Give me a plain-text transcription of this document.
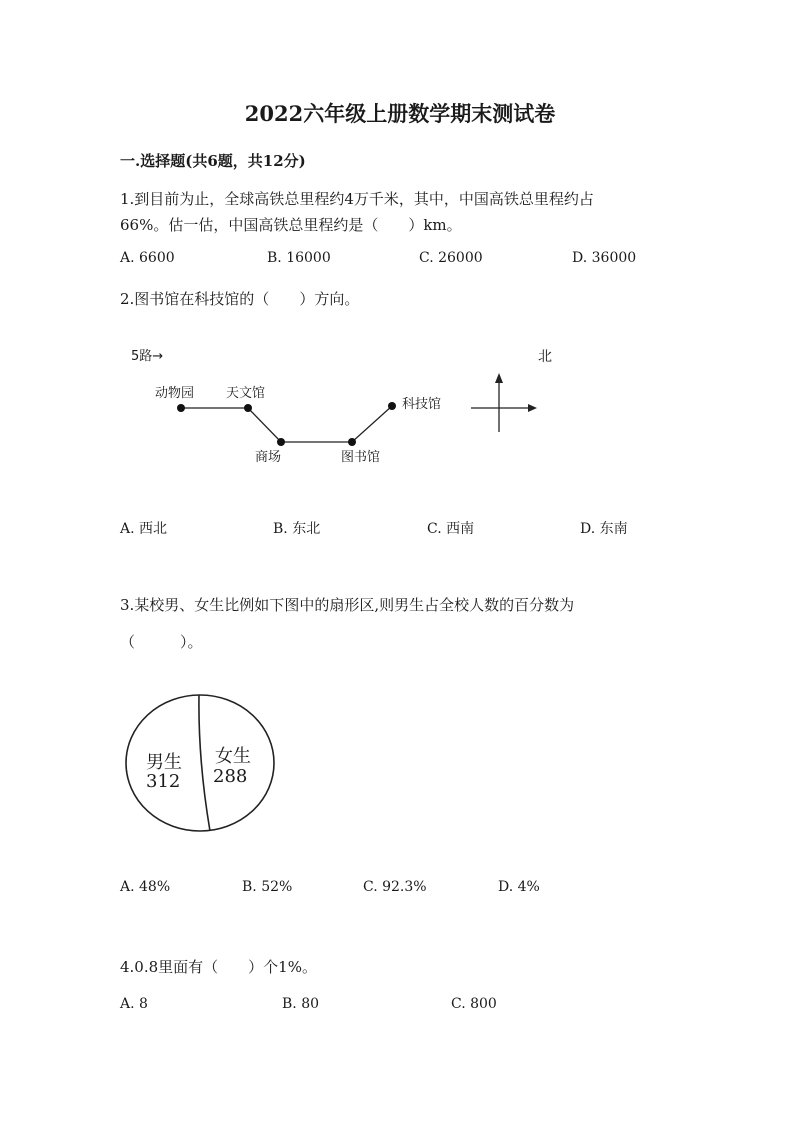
2022六年级上册数学期末测试卷
一.选择题(共6题，共12分)
1.到目前为止，全球高铁总里程约4万千米，其中，中国高铁总里程约占
66%。估一估，中国高铁总里程约是（　　）km。
A. 6600	B. 16000	C. 26000	D. 36000
2.图书馆在科技馆的（　　）方向。
5路→	北
动物园 天文馆
商场	图书馆
科技馆
A. 西北	B. 东北	C. 西南	D. 东南
3.某校男、女生比例如下图中的扇形区,则男生占全校人数的百分数为
（　　　）。
男生
312
女生
288
A. 48%	B. 52%	C. 92.3%	D. 4%
4.0.8里面有（　　）个1%。
A. 8	B. 80	C. 800
